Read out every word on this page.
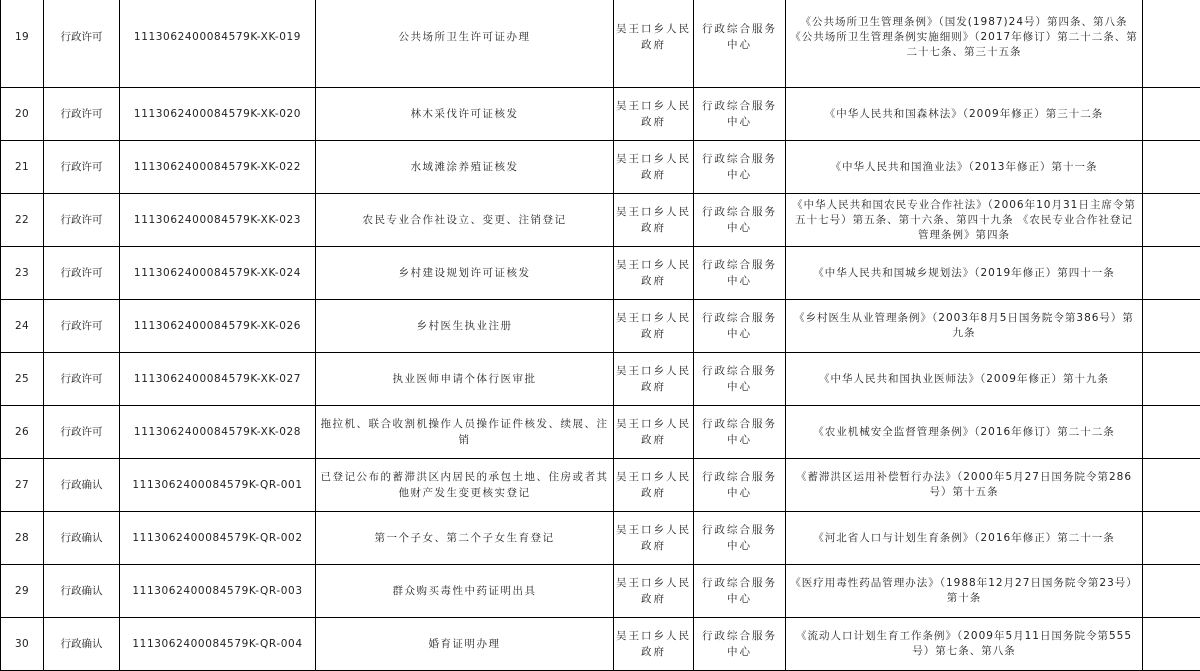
19	行政许可	1113062400084579K-XK-019	公共场所卫生许可证办理	吴王口乡人民政府	行政综合服务中心	《公共场所卫生管理条例》（国发(1987)24号）第四条、第八条 《公共场所卫生管理条例实施细则》（2017年修订）第二十二条、第二十七条、第三十五条	
20	行政许可	1113062400084579K-XK-020	林木采伐许可证核发	吴王口乡人民政府	行政综合服务中心	《中华人民共和国森林法》（2009年修正）第三十二条	
21	行政许可	1113062400084579K-XK-022	水域滩涂养殖证核发	吴王口乡人民政府	行政综合服务中心	《中华人民共和国渔业法》（2013年修正）第十一条	
22	行政许可	1113062400084579K-XK-023	农民专业合作社设立、变更、注销登记	吴王口乡人民政府	行政综合服务中心	《中华人民共和国农民专业合作社法》（2006年10月31日主席令第五十七号）第五条、第十六条、第四十九条 《农民专业合作社登记管理条例》第四条	
23	行政许可	1113062400084579K-XK-024	乡村建设规划许可证核发	吴王口乡人民政府	行政综合服务中心	《中华人民共和国城乡规划法》（2019年修正）第四十一条	
24	行政许可	1113062400084579K-XK-026	乡村医生执业注册	吴王口乡人民政府	行政综合服务中心	《乡村医生从业管理条例》（2003年8月5日国务院令第386号）第九条	
25	行政许可	1113062400084579K-XK-027	执业医师申请个体行医审批	吴王口乡人民政府	行政综合服务中心	《中华人民共和国执业医师法》（2009年修正）第十九条	
26	行政许可	1113062400084579K-XK-028	拖拉机、联合收割机操作人员操作证件核发、续展、注销	吴王口乡人民政府	行政综合服务中心	《农业机械安全监督管理条例》（2016年修订）第二十二条	
27	行政确认	1113062400084579K-QR-001	已登记公布的蓄滞洪区内居民的承包土地、住房或者其他财产发生变更核实登记	吴王口乡人民政府	行政综合服务中心	《蓄滞洪区运用补偿暂行办法》（2000年5月27日国务院令第286号）第十五条	
28	行政确认	1113062400084579K-QR-002	第一个子女、第二个子女生育登记	吴王口乡人民政府	行政综合服务中心	《河北省人口与计划生育条例》（2016年修正）第二十一条	
29	行政确认	1113062400084579K-QR-003	群众购买毒性中药证明出具	吴王口乡人民政府	行政综合服务中心	《医疗用毒性药品管理办法》（1988年12月27日国务院令第23号）第十条	
30	行政确认	1113062400084579K-QR-004	婚育证明办理	吴王口乡人民政府	行政综合服务中心	《流动人口计划生育工作条例》（2009年5月11日国务院令第555号）第七条、第八条	
